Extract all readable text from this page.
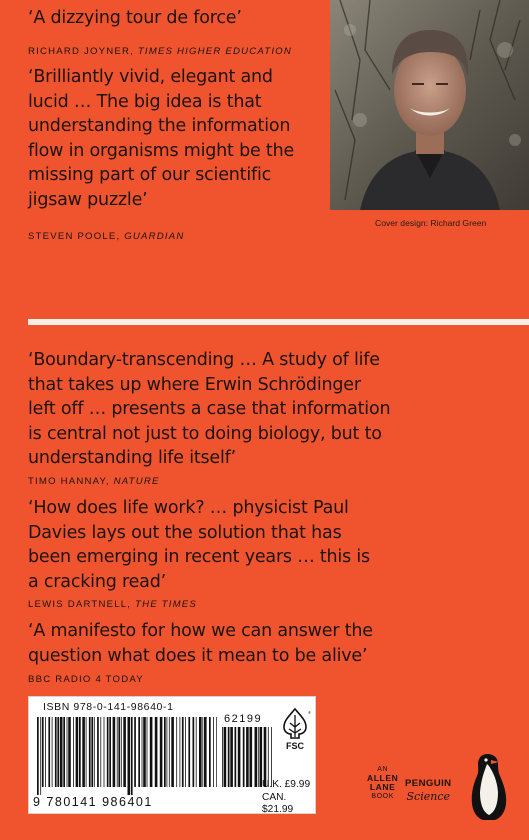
‘A dizzying tour de force’
RICHARD JOYNER, TIMES HIGHER EDUCATION
‘Brilliantly vivid, elegant and
lucid … The big idea is that
understanding the information
flow in organisms might be the
missing part of our scientific
jigsaw puzzle’
STEVEN POOLE, GUARDIAN
Cover design: Richard Green
‘Boundary-transcending … A study of life
that takes up where Erwin Schrödinger
left off … presents a case that information
is central not just to doing biology, but to
understanding life itself’
TIMO HANNAY, NATURE
‘How does life work? … physicist Paul
Davies lays out the solution that has
been emerging in recent years … this is
a cracking read’
LEWIS DARTNELL, THE TIMES
‘A manifesto for how we can answer the
question what does it mean to be alive’
BBC RADIO 4 TODAY
ISBN 978-0-141-98640-1
9 780141 986401
62199
FSC
®
U.K. £9.99
CAN. $21.99
AN
ALLEN
LANE
BOOK
PENGUIN
Science
